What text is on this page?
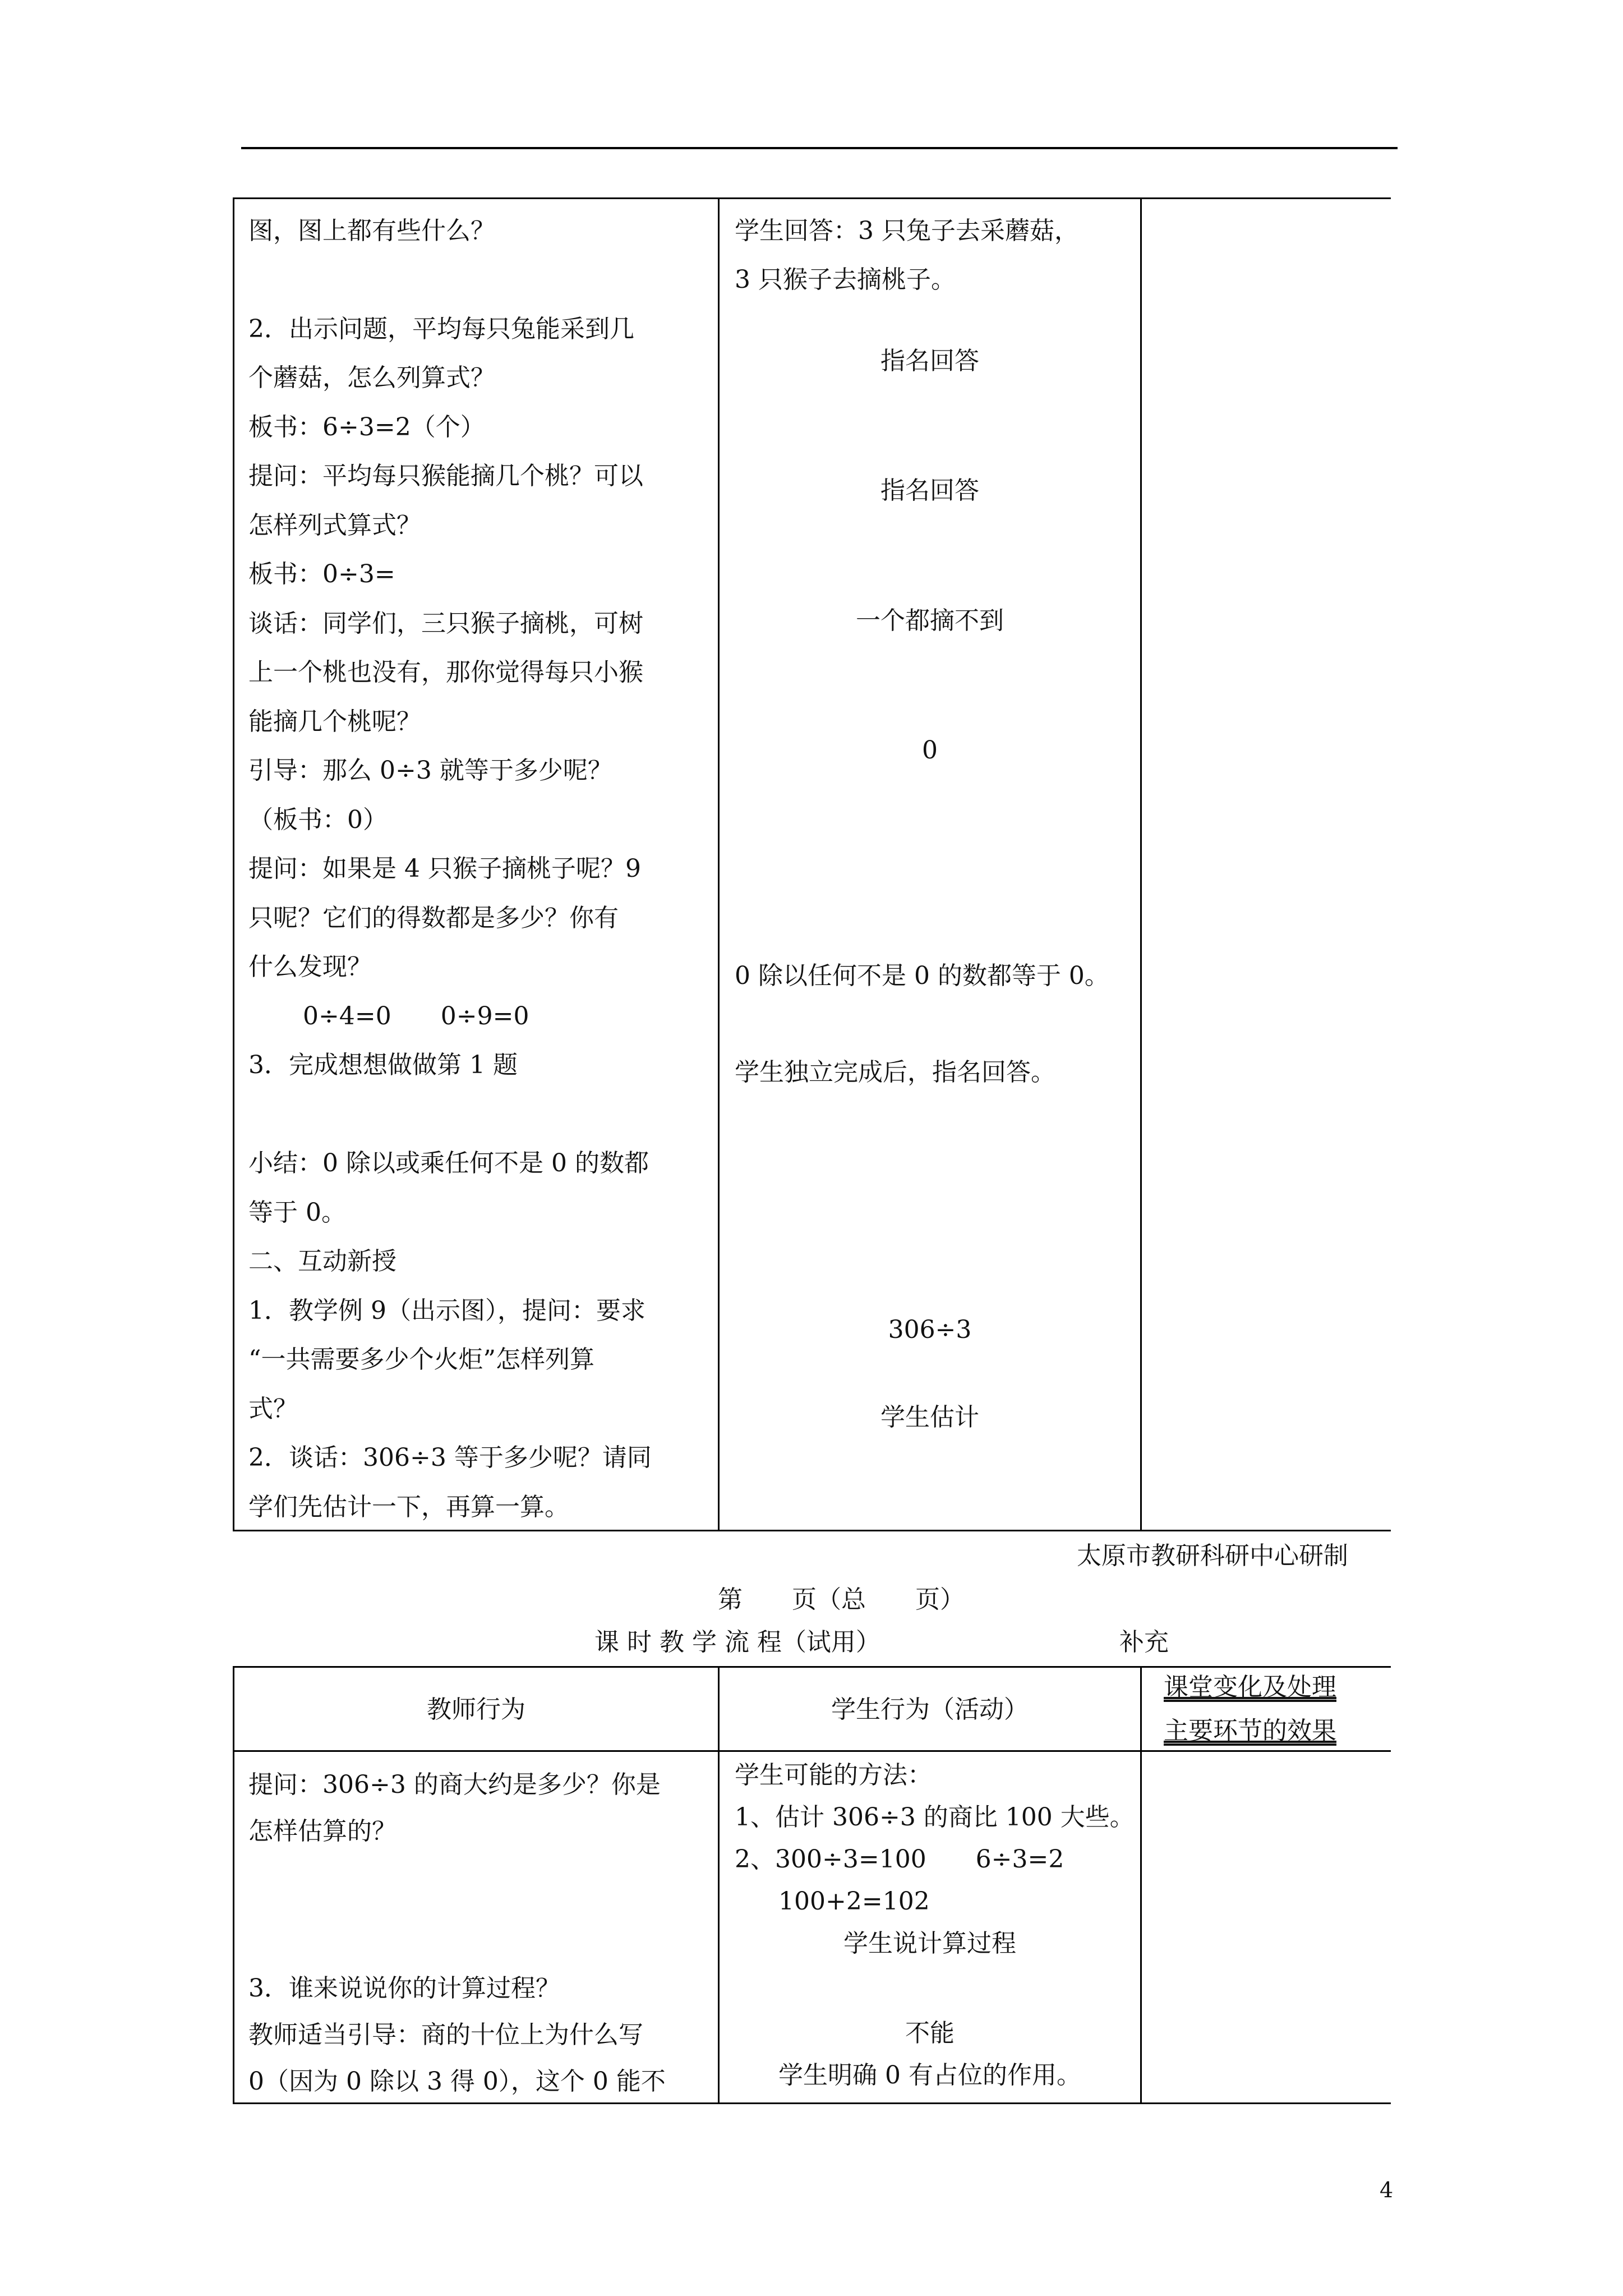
图，图上都有些什么？
2．出示问题，平均每只兔能采到几
个蘑菇，怎么列算式？
板书：6÷3=2（个）
提问：平均每只猴能摘几个桃？可以
怎样列式算式？
板书：0÷3=
谈话：同学们，三只猴子摘桃，可树
上一个桃也没有，那你觉得每只小猴
能摘几个桃呢？
引导：那么 0÷3 就等于多少呢？
（板书：0）
提问：如果是 4 只猴子摘桃子呢？9
只呢？它们的得数都是多少？你有
什么发现？
0÷4=0　　0÷9=0
3．完成想想做做第 1 题
小结：0 除以或乘任何不是 0 的数都
等于 0。
二、互动新授
1．教学例 9（出示图），提问：要求
“一共需要多少个火炬”怎样列算
式？
2．谈话：306÷3 等于多少呢？请同
学们先估计一下，再算一算。
学生回答：3 只兔子去采蘑菇，
3 只猴子去摘桃子。
指名回答
指名回答
一个都摘不到
0
0 除以任何不是 0 的数都等于 0。
学生独立完成后，指名回答。
306÷3
学生估计
太原市教研科研中心研制
第　　页（总　　页）
课 时 教 学 流 程（试用）	补充
教师行为	学生行为（活动）
课堂变化及处理
主要环节的效果
提问：306÷3 的商大约是多少？你是
怎样估算的？
3．谁来说说你的计算过程？
教师适当引导：商的十位上为什么写
0（因为 0 除以 3 得 0），这个 0 能不
学生可能的方法：
1、估计 306÷3 的商比 100 大些。
2、300÷3=100　　6÷3=2
100+2=102
学生说计算过程
不能
学生明确 0 有占位的作用。
4
